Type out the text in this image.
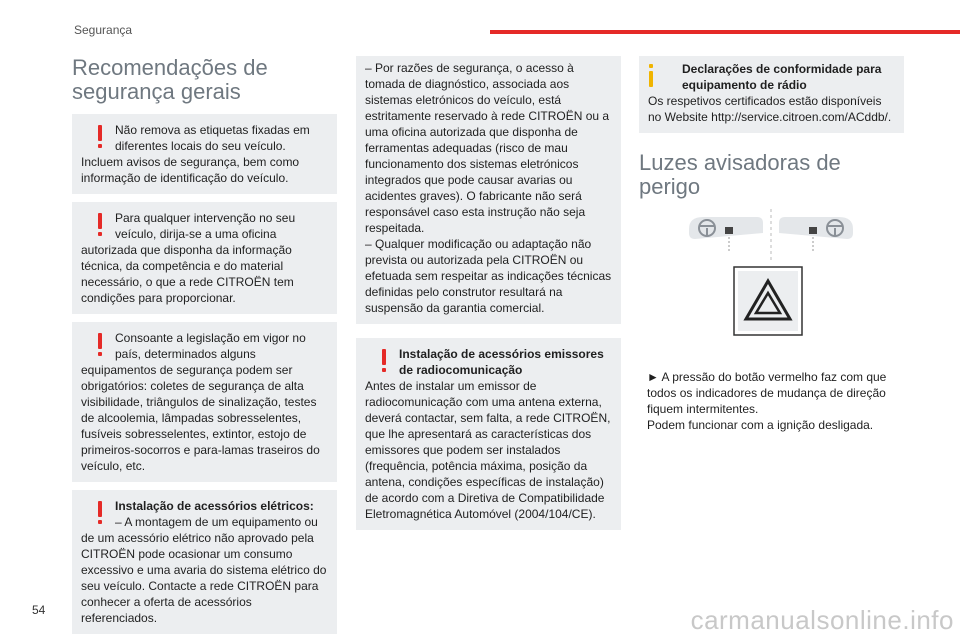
Segurança
Recomendações de
segurança gerais
Não remova as etiquetas fixadas em diferentes locais do seu veículo. Incluem avisos de segurança, bem como informação de identificação do veículo.
Para qualquer intervenção no seu veículo, dirija-se a uma oficina autorizada que disponha da informação técnica, da competência e do material necessário, o que a rede CITROËN tem condições para proporcionar.
Consoante a legislação em vigor no país, determinados alguns equipamentos de segurança podem ser obrigatórios: coletes de segurança de alta visibilidade, triângulos de sinalização, testes de alcoolemia, lâmpadas sobresselentes, fusíveis sobresselentes, extintor, estojo de primeiros-socorros e para-lamas traseiros do veículo, etc.
Instalação de acessórios elétricos:
– A montagem de um equipamento ou de um acessório elétrico não aprovado pela CITROËN pode ocasionar um consumo excessivo e uma avaria do sistema elétrico do seu veículo. Contacte a rede CITROËN para conhecer a oferta de acessórios referenciados.
– Por razões de segurança, o acesso à tomada de diagnóstico, associada aos sistemas eletrónicos do veículo, está estritamente reservado à rede CITROËN ou a uma oficina autorizada que disponha de ferramentas adequadas (risco de mau funcionamento dos sistemas eletrónicos integrados que pode causar avarias ou acidentes graves). O fabricante não será responsável caso esta instrução não seja respeitada.
– Qualquer modificação ou adaptação não prevista ou autorizada pela CITROËN ou efetuada sem respeitar as indicações técnicas definidas pelo construtor resultará na suspensão da garantia comercial.
Instalação de acessórios emissores de radiocomunicação
Antes de instalar um emissor de radiocomunicação com uma antena externa, deverá contactar, sem falta, a rede CITROËN, que lhe apresentará as características dos emissores que podem ser instalados (frequência, potência máxima, posição da antena, condições específicas de instalação) de acordo com a Diretiva de Compatibilidade Eletromagnética Automóvel (2004/104/CE).
Declarações de conformidade para equipamento de rádio
Os respetivos certificados estão disponíveis no Website http://service.citroen.com/ACddb/.
Luzes avisadoras de
perigo
► A pressão do botão vermelho faz com que todos os indicadores de mudança de direção fiquem intermitentes.
Podem funcionar com a ignição desligada.
54	carmanualsonline.info
